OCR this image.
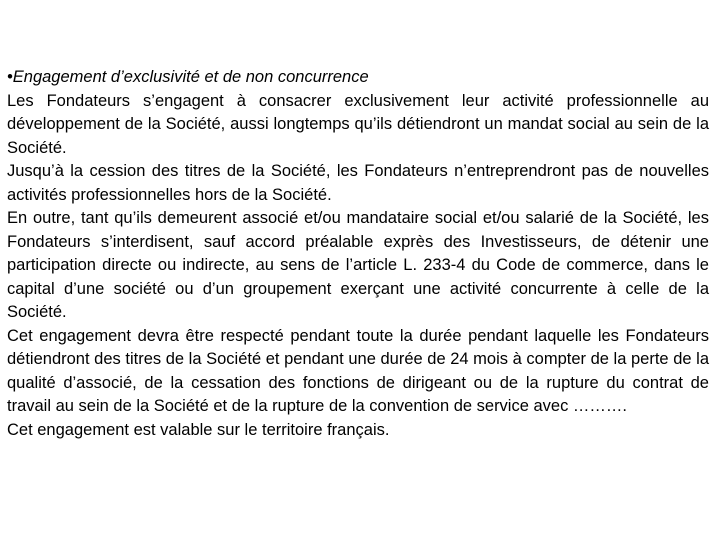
•Engagement d’exclusivité et de non concurrence

Les Fondateurs s’engagent à consacrer exclusivement leur activité professionnelle au développement de la Société, aussi longtemps qu’ils détiendront un mandat social au sein de la Société.

Jusqu’à la cession des titres de la Société, les Fondateurs n’entreprendront pas de nouvelles activités professionnelles hors de la Société.

En outre, tant qu’ils demeurent associé et/ou mandataire social et/ou salarié de la Société, les Fondateurs s’interdisent, sauf accord préalable exprès des Investisseurs, de détenir une participation directe ou indirecte, au sens de l’article L. 233-4 du Code de commerce, dans le capital d’une société ou d’un groupement exerçant une activité concurrente à celle de la Société.

Cet engagement devra être respecté pendant toute la durée pendant laquelle les Fondateurs détiendront des titres de la Société et pendant une durée de 24 mois à compter de la perte de la qualité d’associé, de la cessation des fonctions de dirigeant ou de la rupture du contrat de travail au sein de la Société et de la rupture de la convention de service avec ……….

Cet engagement est valable sur le territoire français.
